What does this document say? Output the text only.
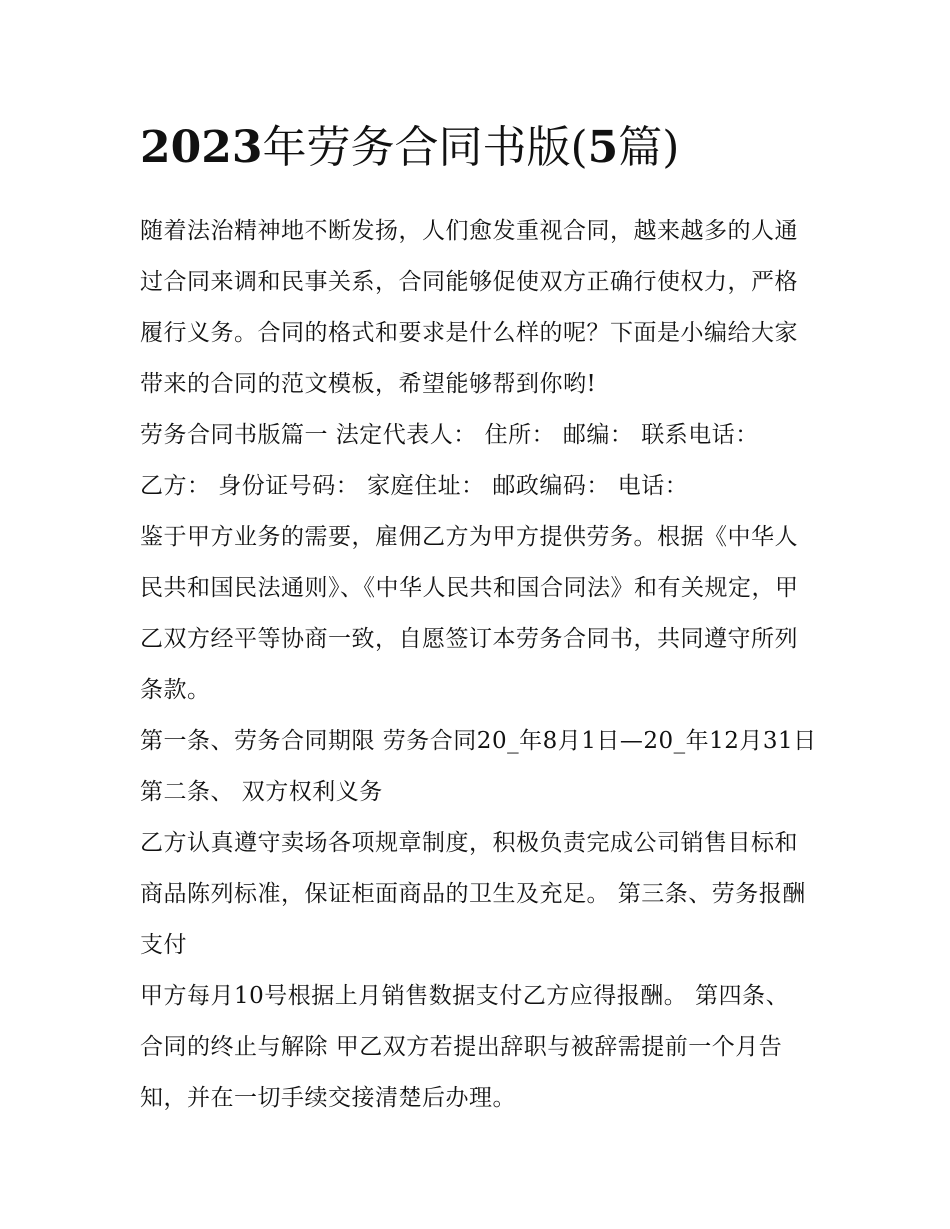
2023年劳务合同书版(5篇)

随着法治精神地不断发扬，人们愈发重视合同，越来越多的人通过合同来调和民事关系，合同能够促使双方正确行使权力，严格履行义务。合同的格式和要求是什么样的呢？下面是小编给大家带来的合同的范文模板，希望能够帮到你哟!

劳务合同书版篇一 法定代表人： 住所： 邮编： 联系电话：

乙方： 身份证号码： 家庭住址： 邮政编码： 电话：

鉴于甲方业务的需要，雇佣乙方为甲方提供劳务。根据《中华人民共和国民法通则》、《中华人民共和国合同法》和有关规定，甲乙双方经平等协商一致，自愿签订本劳务合同书，共同遵守所列条款。

第一条、劳务合同期限 劳务合同20_年8月1日—20_年12月31日 第二条、 双方权利义务

乙方认真遵守卖场各项规章制度，积极负责完成公司销售目标和商品陈列标准，保证柜面商品的卫生及充足。 第三条、劳务报酬支付

甲方每月10号根据上月销售数据支付乙方应得报酬。 第四条、 合同的终止与解除 甲乙双方若提出辞职与被辞需提前一个月告知，并在一切手续交接清楚后办理。
